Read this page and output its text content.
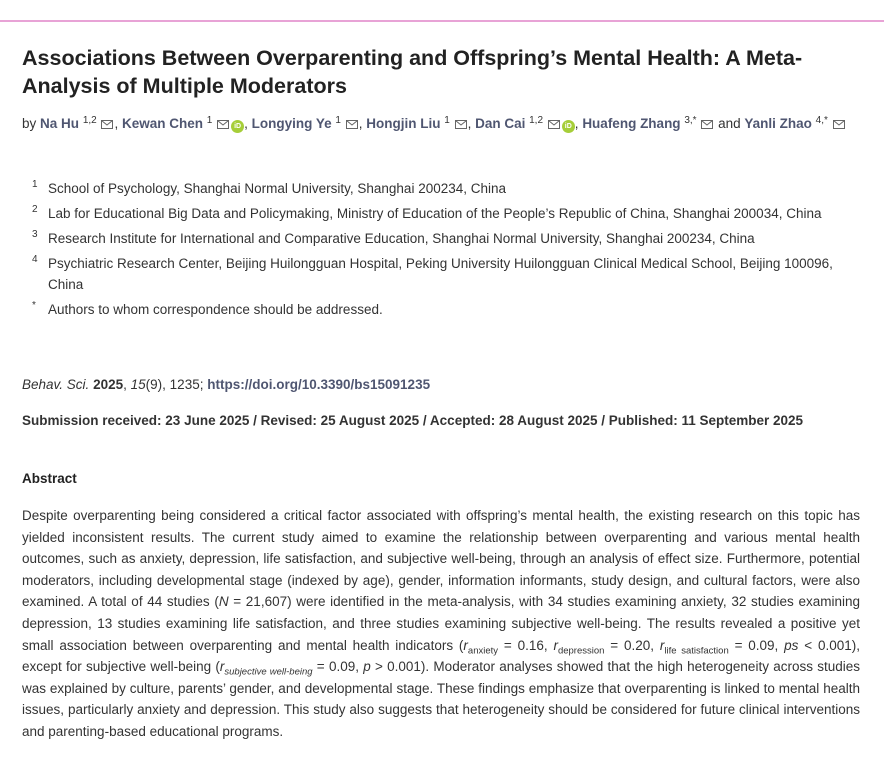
Associations Between Overparenting and Offspring’s Mental Health: A Meta-Analysis of Multiple Moderators
by Na Hu $^{1,2}$ , Kewan Chen $^1$ iD , Longying Ye $^1$ , Hongjin Liu $^1$ , Dan Cai $^{1,2}$ iD , Huafeng Zhang $^{3,*}$ and Yanli Zhao $^{4,*}$
1 School of Psychology, Shanghai Normal University, Shanghai 200234, China
2 Lab for Educational Big Data and Policymaking, Ministry of Education of the People’s Republic of China, Shanghai 200034, China
3 Research Institute for International and Comparative Education, Shanghai Normal University, Shanghai 200234, China
4 Psychiatric Research Center, Beijing Huilongguan Hospital, Peking University Huilongguan Clinical Medical School, Beijing 100096, China
* Authors to whom correspondence should be addressed.
Behav. Sci. 2025, 15(9), 1235; https://doi.org/10.3390/bs15091235
Submission received: 23 June 2025 / Revised: 25 August 2025 / Accepted: 28 August 2025 / Published: 11 September 2025
Abstract
Despite overparenting being considered a critical factor associated with offspring’s mental health, the existing research on this topic has yielded inconsistent results. The current study aimed to examine the relationship between overparenting and various mental health outcomes, such as anxiety, depression, life satisfaction, and subjective well-being, through an analysis of effect size. Furthermore, potential moderators, including developmental stage (indexed by age), gender, information informants, study design, and cultural factors, were also examined. A total of 44 studies (N = 21,607) were identified in the meta-analysis, with 34 studies examining anxiety, 32 studies examining depression, 13 studies examining life satisfaction, and three studies examining subjective well-being. The results revealed a positive yet small association between overparenting and mental health indicators ($r_{anxiety} = 0.16$, $r_{depression} = 0.20$, $r_{life satisfaction} = 0.09$, ps < 0.001), except for subjective well-being ($r_{subjective well-being} = 0.09$, p > 0.001). Moderator analyses showed that the high heterogeneity across studies was explained by culture, parents’ gender, and developmental stage. These findings emphasize that overparenting is linked to mental health issues, particularly anxiety and depression. This study also suggests that heterogeneity should be considered for future clinical interventions and parenting-based educational programs.
